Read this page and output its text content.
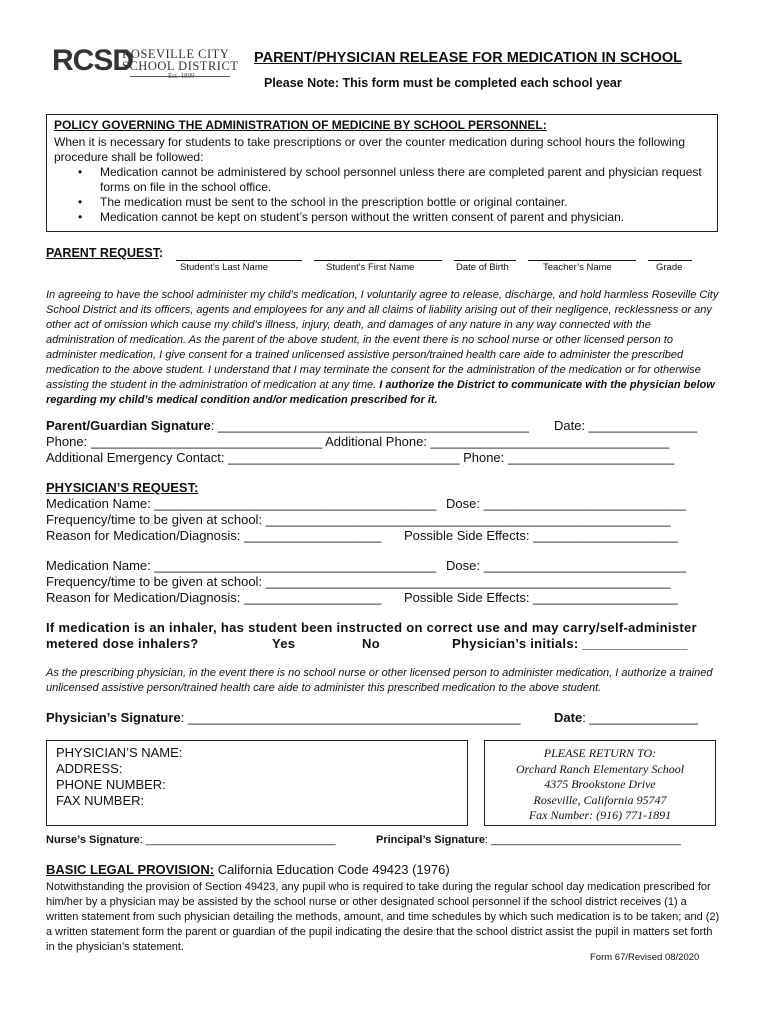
RCSD
ROSEVILLE CITY
SCHOOL DISTRICT
Est. 1899
PARENT/PHYSICIAN RELEASE FOR MEDICATION IN SCHOOL
Please Note: This form must be completed each school year
POLICY GOVERNING THE ADMINISTRATION OF MEDICINE BY SCHOOL PERSONNEL:
When it is necessary for students to take prescriptions or over the counter medication during school hours the following procedure shall be followed:
• Medication cannot be administered by school personnel unless there are completed parent and physician request forms on file in the school office.
• The medication must be sent to the school in the prescription bottle or original container.
• Medication cannot be kept on student’s person without the written consent of parent and physician.
PARENT REQUEST:
Student’s Last Name	Student's First Name	Date of Birth	Teacher’s Name	Grade
In agreeing to have the school administer my child’s medication, I voluntarily agree to release, discharge, and hold harmless Roseville City School District and its officers, agents and employees for any and all claims of liability arising out of their negligence, recklessness or any other act of omission which cause my child’s illness, injury, death, and damages of any nature in any way connected with the administration of medication. As the parent of the above student, in the event there is no school nurse or other licensed person to administer medication, I give consent for a trained unlicensed assistive person/trained health care aide to administer the prescribed medication to the above student. I understand that I may terminate the consent for the administration of the medication or for otherwise assisting the student in the administration of medication at any time. I authorize the District to communicate with the physician below regarding my child’s medical condition and/or medication prescribed for it.
Parent/Guardian Signature: ___________________________________________ Date: _______________
Phone: ________________________________ Additional Phone: _________________________________
Additional Emergency Contact: ________________________________ Phone: _______________________
PHYSICIAN’S REQUEST:
Medication Name: _______________________________________ Dose: ____________________________
Frequency/time to be given at school: ________________________________________________________
Reason for Medication/Diagnosis: ___________________ Possible Side Effects: ____________________
Medication Name: _______________________________________ Dose: ____________________________
Frequency/time to be given at school: ________________________________________________________
Reason for Medication/Diagnosis: ___________________ Possible Side Effects: ____________________
If medication is an inhaler, has student been instructed on correct use and may carry/self-administer
metered dose inhalers?	Yes	No	Physician’s initials: ______________
As the prescribing physician, in the event there is no school nurse or other licensed person to administer medication, I authorize a trained unlicensed assistive person/trained health care aide to administer this prescribed medication to the above student.
Physician’s Signature: ______________________________________________	Date: _______________
PHYSICIAN’S NAME:
ADDRESS:
PHONE NUMBER:
FAX NUMBER:
PLEASE RETURN TO:
Orchard Ranch Elementary School
4375 Brookstone Drive
Roseville, California 95747
Fax Number: (916) 771-1891
Nurse’s Signature: _______________________________	Principal’s Signature: _______________________________
BASIC LEGAL PROVISION: California Education Code 49423 (1976)
Notwithstanding the provision of Section 49423, any pupil who is required to take during the regular school day medication prescribed for him/her by a physician may be assisted by the school nurse or other designated school personnel if the school district receives (1) a written statement from such physician detailing the methods, amount, and time schedules by which such medication is to be taken; and (2) a written statement form the parent or guardian of the pupil indicating the desire that the school district assist the pupil in matters set forth in the physician’s statement.
Form 67/Revised 08/2020
